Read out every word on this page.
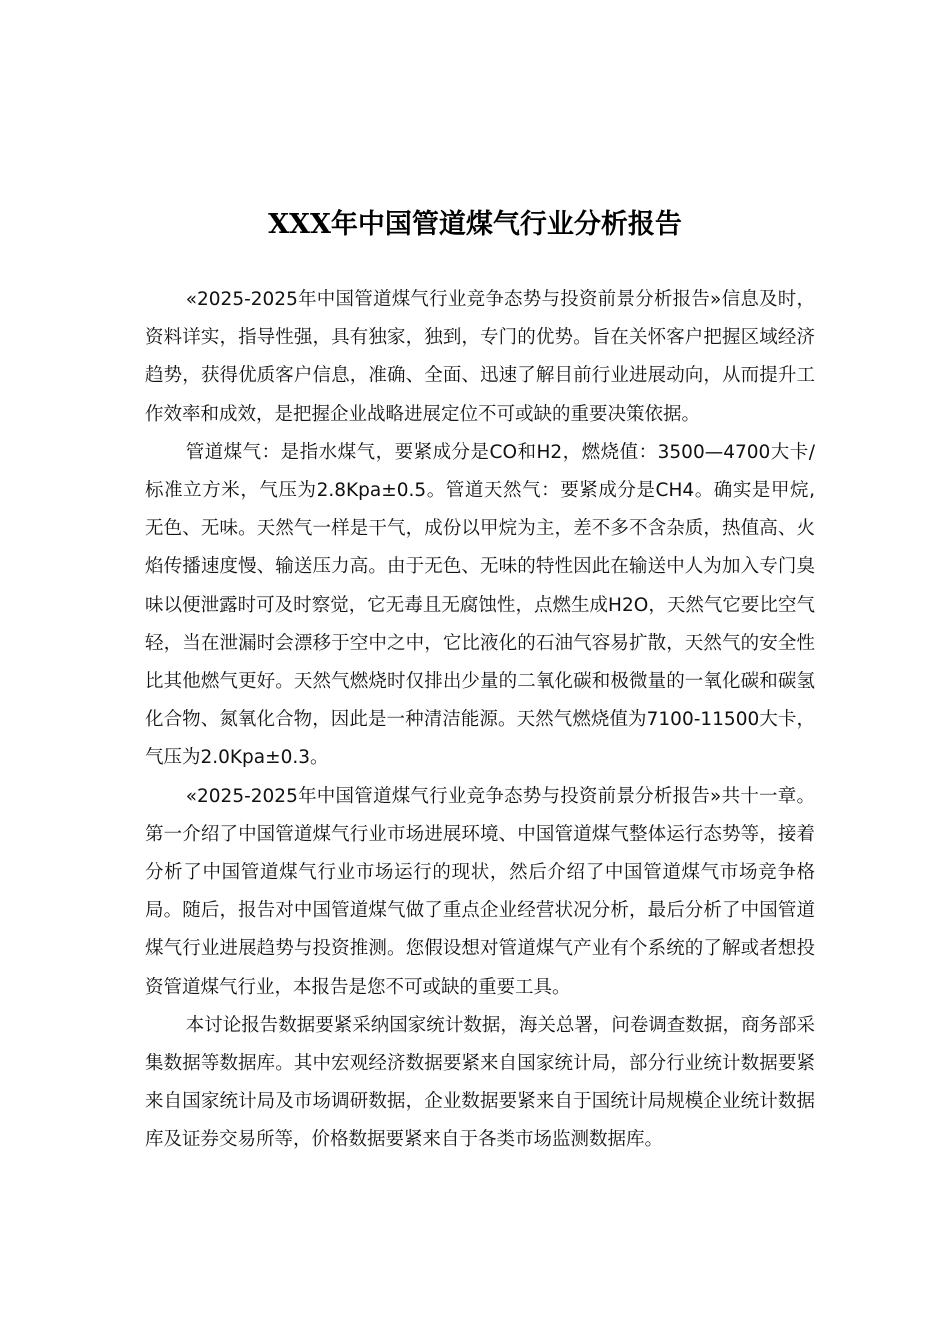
XXX年中国管道煤气行业分析报告

«2025-2025年中国管道煤气行业竞争态势与投资前景分析报告»信息及时，资料详实，指导性强，具有独家，独到，专门的优势。旨在关怀客户把握区域经济趋势，获得优质客户信息，准确、全面、迅速了解目前行业进展动向，从而提升工作效率和成效，是把握企业战略进展定位不可或缺的重要决策依据。

管道煤气：是指水煤气，要紧成分是CO和H2，燃烧值：3500—4700大卡/标准立方米，气压为2.8Kpa±0.5。管道天然气：要紧成分是CH4。确实是甲烷,无色、无味。天然气一样是干气，成份以甲烷为主，差不多不含杂质，热值高、火焰传播速度慢、输送压力高。由于无色、无味的特性因此在输送中人为加入专门臭味以便泄露时可及时察觉，它无毒且无腐蚀性，点燃生成H2O，天然气它要比空气轻，当在泄漏时会漂移于空中之中，它比液化的石油气容易扩散，天然气的安全性比其他燃气更好。天然气燃烧时仅排出少量的二氧化碳和极微量的一氧化碳和碳氢化合物、氮氧化合物，因此是一种清洁能源。天然气燃烧值为7100-11500大卡，气压为2.0Kpa±0.3。

«2025-2025年中国管道煤气行业竞争态势与投资前景分析报告»共十一章。第一介绍了中国管道煤气行业市场进展环境、中国管道煤气整体运行态势等，接着分析了中国管道煤气行业市场运行的现状，然后介绍了中国管道煤气市场竞争格局。随后，报告对中国管道煤气做了重点企业经营状况分析，最后分析了中国管道煤气行业进展趋势与投资推测。您假设想对管道煤气产业有个系统的了解或者想投资管道煤气行业，本报告是您不可或缺的重要工具。

本讨论报告数据要紧采纳国家统计数据，海关总署，问卷调查数据，商务部采集数据等数据库。其中宏观经济数据要紧来自国家统计局，部分行业统计数据要紧来自国家统计局及市场调研数据，企业数据要紧来自于国统计局规模企业统计数据库及证券交易所等，价格数据要紧来自于各类市场监测数据库。
